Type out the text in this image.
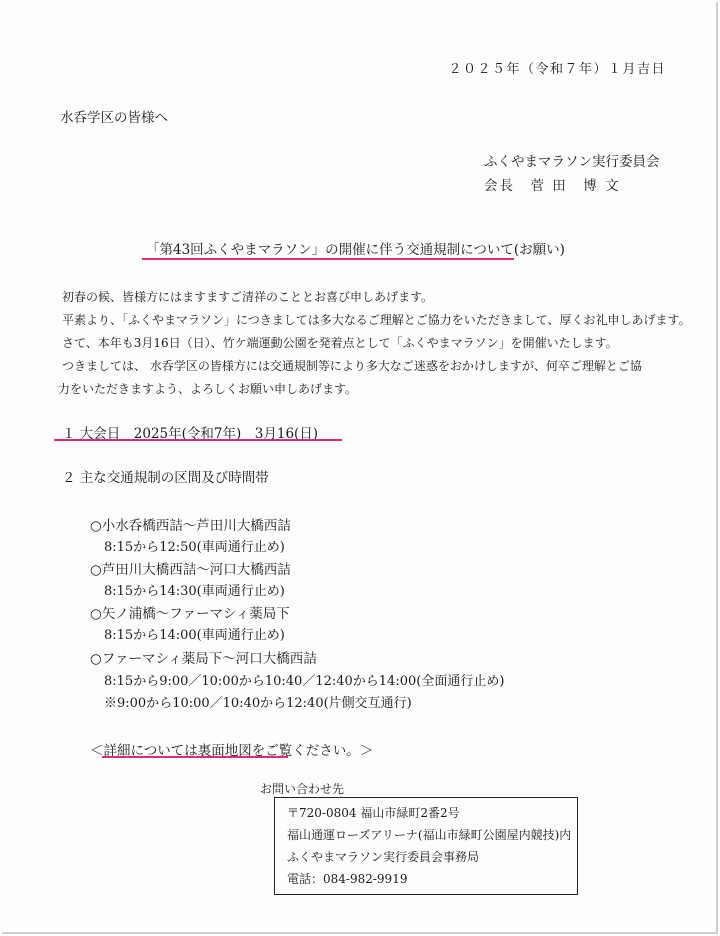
２０２５年（令和７年）１月吉日
水呑学区の皆様へ
ふくやまマラソン実行委員会
会長　菅 田　博 文
「第43回ふくやまマラソン」の開催に伴う交通規制について(お願い)
初春の候、皆様方にはますますご清祥のこととお喜び申しあげます。
平素より、「ふくやまマラソン」につきましては多大なるご理解とご協力をいただきまして、厚くお礼申しあげます。
さて、本年も3月16日（日）、竹ケ端運動公園を発着点として「ふくやまマラソン」を開催いたします。
つきましては、 水呑学区の皆様方には交通規制等により多大なご迷惑をおかけしますが、何卒ご理解とご協
力をいただきますよう、よろしくお願い申しあげます。
１ 大会日　2025年(令和7年)　3月16(日)
２ 主な交通規制の区間及び時間帯
○小水呑橋西詰～芦田川大橋西詰
8:15から12:50(車両通行止め)
○芦田川大橋西詰～河口大橋西詰
8:15から14:30(車両通行止め)
○矢ノ浦橋～ファーマシィ薬局下
8:15から14:00(車両通行止め)
○ファーマシィ薬局下～河口大橋西詰
8:15から9:00／10:00から10:40／12:40から14:00(全面通行止め)
※9:00から10:00／10:40から12:40(片側交互通行)
＜詳細については裏面地図をご覧ください。＞
お問い合わせ先
〒720-0804 福山市緑町2番2号
福山通運ローズアリーナ(福山市緑町公園屋内競技)内
ふくやまマラソン実行委員会事務局
電話：084-982-9919
